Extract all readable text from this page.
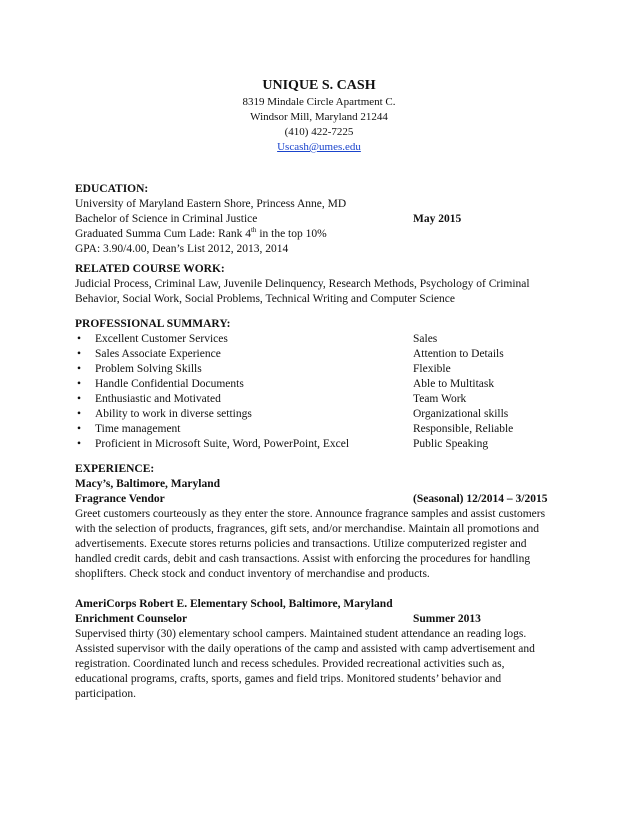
UNIQUE S. CASH
8319 Mindale Circle Apartment C.
Windsor Mill, Maryland 21244
(410) 422-7225
Uscash@umes.edu
EDUCATION:
University of Maryland Eastern Shore, Princess Anne, MD
Bachelor of Science in Criminal Justice	May 2015
Graduated Summa Cum Lade: Rank 4th in the top 10%
GPA: 3.90/4.00, Dean’s List 2012, 2013, 2014
RELATED COURSE WORK:
Judicial Process, Criminal Law, Juvenile Delinquency, Research Methods, Psychology of Criminal
Behavior, Social Work, Social Problems, Technical Writing and Computer Science
PROFESSIONAL SUMMARY:
• Excellent Customer Services	Sales
• Sales Associate Experience	Attention to Details
• Problem Solving Skills	Flexible
• Handle Confidential Documents	Able to Multitask
• Enthusiastic and Motivated	Team Work
• Ability to work in diverse settings	Organizational skills
• Time management	Responsible, Reliable
• Proficient in Microsoft Suite, Word, PowerPoint, Excel	Public Speaking
EXPERIENCE:
Macy’s, Baltimore, Maryland
Fragrance Vendor	(Seasonal) 12/2014 – 3/2015
Greet customers courteously as they enter the store. Announce fragrance samples and assist customers
with the selection of products, fragrances, gift sets, and/or merchandise. Maintain all promotions and
advertisements. Execute stores returns policies and transactions. Utilize computerized register and
handled credit cards, debit and cash transactions. Assist with enforcing the procedures for handling
shoplifters. Check stock and conduct inventory of merchandise and products.
AmeriCorps Robert E. Elementary School, Baltimore, Maryland
Enrichment Counselor	Summer 2013
Supervised thirty (30) elementary school campers. Maintained student attendance an reading logs.
Assisted supervisor with the daily operations of the camp and assisted with camp advertisement and
registration. Coordinated lunch and recess schedules. Provided recreational activities such as,
educational programs, crafts, sports, games and field trips. Monitored students’ behavior and
participation.
